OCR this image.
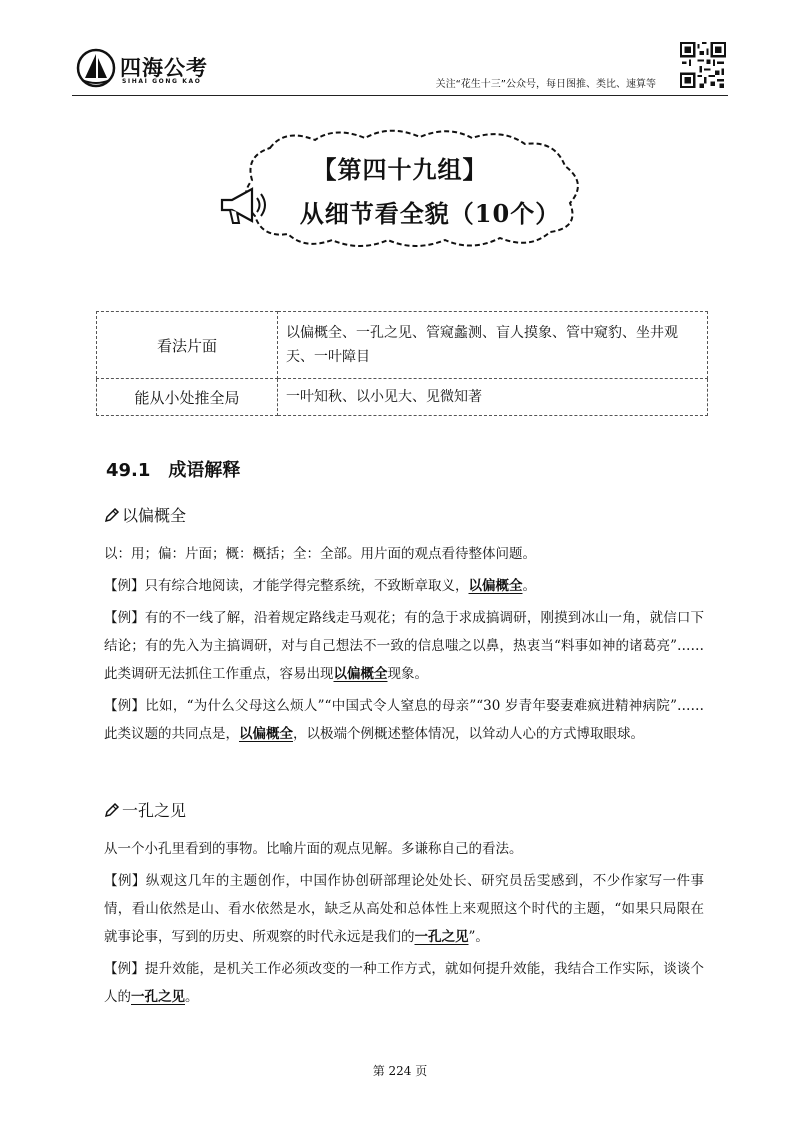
四海公考
SIHAI GONG KAO	关注“花生十三”公众号，每日图推、类比、速算等
【第四十九组】
从细节看全貌（10个）
看法片面	以偏概全、一孔之见、管窥蠡测、盲人摸象、管中窥豹、坐井观天、一叶障目
能从小处推全局	一叶知秋、以小见大、见微知著
49.1 成语解释
以偏概全

以：用；偏：片面；概：概括；全：全部。用片面的观点看待整体问题。

【例】只有综合地阅读，才能学得完整系统，不致断章取义，以偏概全。

【例】有的不一线了解，沿着规定路线走马观花；有的急于求成搞调研，刚摸到冰山一角，就信口下结论；有的先入为主搞调研，对与自己想法不一致的信息嗤之以鼻，热衷当“料事如神的诸葛亮”……此类调研无法抓住工作重点，容易出现以偏概全现象。

【例】比如，“为什么父母这么烦人”“中国式令人窒息的母亲”“30 岁青年娶妻难疯进精神病院”……此类议题的共同点是，以偏概全，以极端个例概述整体情况，以耸动人心的方式博取眼球。

一孔之见

从一个小孔里看到的事物。比喻片面的观点见解。多谦称自己的看法。

【例】纵观这几年的主题创作，中国作协创研部理论处处长、研究员岳雯感到，不少作家写一件事情，看山依然是山、看水依然是水，缺乏从高处和总体性上来观照这个时代的主题，“如果只局限在就事论事，写到的历史、所观察的时代永远是我们的一孔之见”。

【例】提升效能，是机关工作必须改变的一种工作方式，就如何提升效能，我结合工作实际，谈谈个人的一孔之见。

第 224 页
